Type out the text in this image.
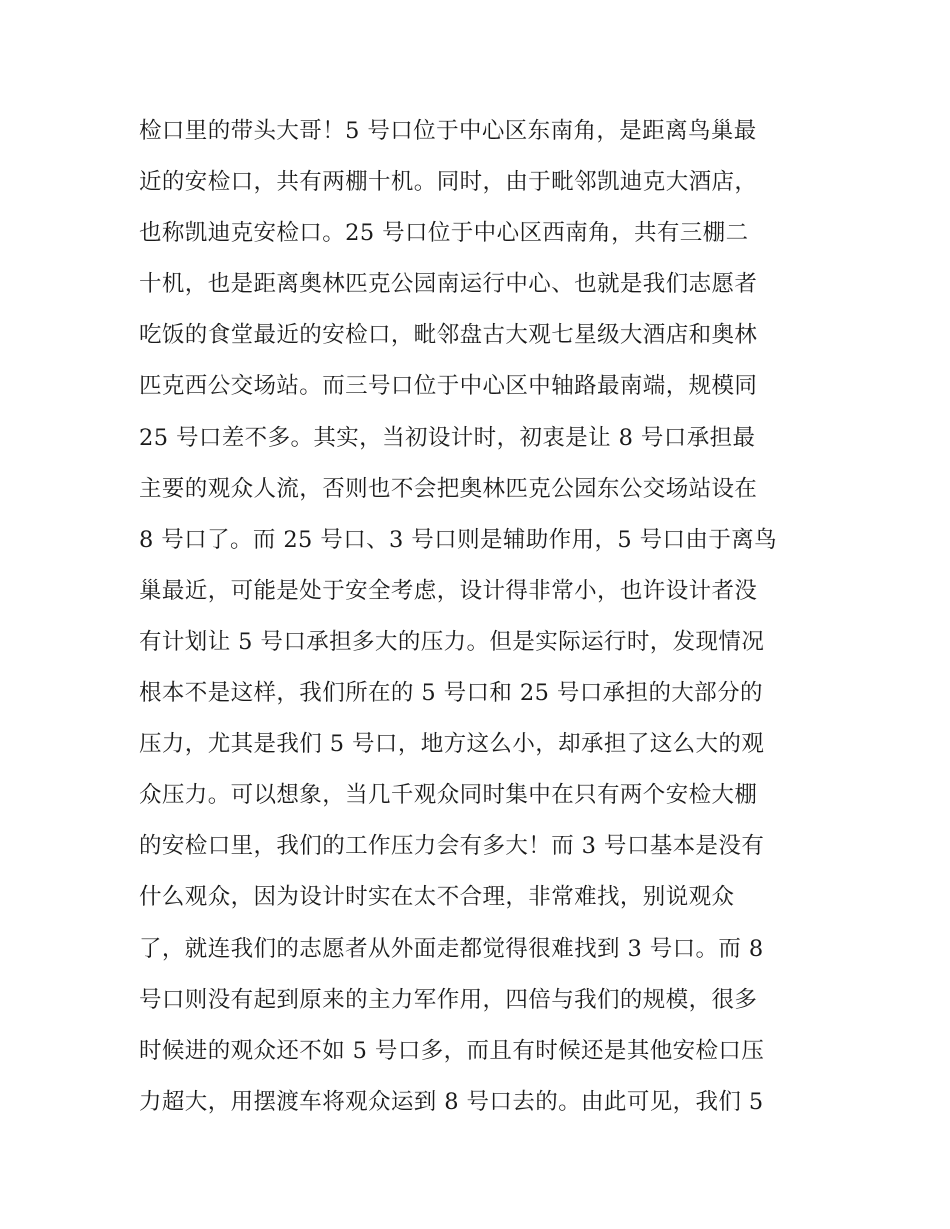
检口里的带头大哥！5 号口位于中心区东南角，是距离鸟巢最
近的安检口，共有两棚十机。同时，由于毗邻凯迪克大酒店，
也称凯迪克安检口。25 号口位于中心区西南角，共有三棚二
十机，也是距离奥林匹克公园南运行中心、也就是我们志愿者
吃饭的食堂最近的安检口，毗邻盘古大观七星级大酒店和奥林
匹克西公交场站。而三号口位于中心区中轴路最南端，规模同
25 号口差不多。其实，当初设计时，初衷是让 8 号口承担最
主要的观众人流，否则也不会把奥林匹克公园东公交场站设在
8 号口了。而 25 号口、3 号口则是辅助作用，5 号口由于离鸟
巢最近，可能是处于安全考虑，设计得非常小，也许设计者没
有计划让 5 号口承担多大的压力。但是实际运行时，发现情况
根本不是这样，我们所在的 5 号口和 25 号口承担的大部分的
压力，尤其是我们 5 号口，地方这么小，却承担了这么大的观
众压力。可以想象，当几千观众同时集中在只有两个安检大棚
的安检口里，我们的工作压力会有多大！而 3 号口基本是没有
什么观众，因为设计时实在太不合理，非常难找，别说观众
了，就连我们的志愿者从外面走都觉得很难找到 3 号口。而 8
号口则没有起到原来的主力军作用，四倍与我们的规模，很多
时候进的观众还不如 5 号口多，而且有时候还是其他安检口压
力超大，用摆渡车将观众运到 8 号口去的。由此可见，我们 5
